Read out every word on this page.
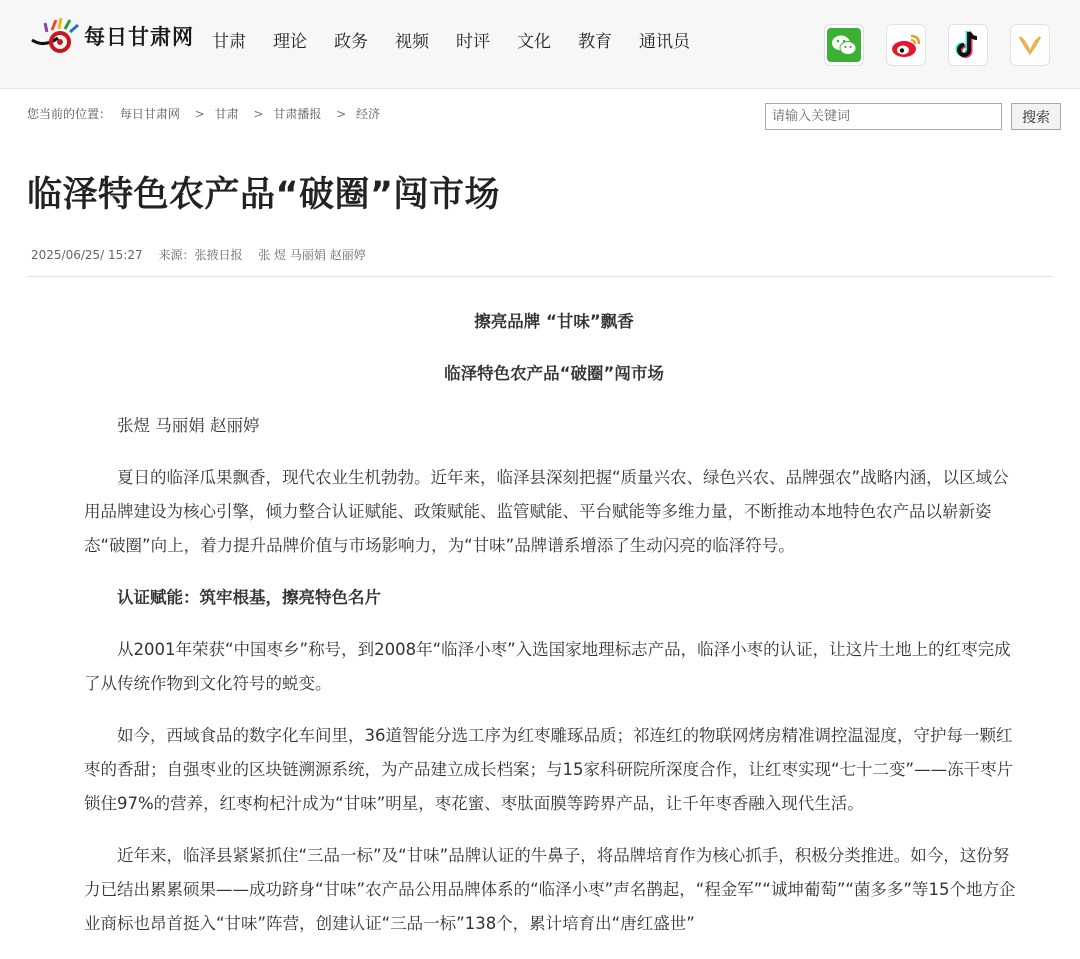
每日甘肃网 甘肃 理论 政务 视频 时评 文化 教育 通讯员
您当前的位置： 每日甘肃网 > 甘肃 > 甘肃播报 > 经济
请输入关键词	搜索
临泽特色农产品“破圈”闯市场
2025/06/25/ 15:27 来源：张掖日报 张 煜 马丽娟 赵丽婷

擦亮品牌 “甘味”飘香

临泽特色农产品“破圈”闯市场

张煜 马丽娟 赵丽婷

夏日的临泽瓜果飘香，现代农业生机勃勃。近年来，临泽县深刻把握“质量兴农、绿色兴农、品牌强农”战略内涵，以区域公用品牌建设为核心引擎，倾力整合认证赋能、政策赋能、监管赋能、平台赋能等多维力量，不断推动本地特色农产品以崭新姿态“破圈”向上，着力提升品牌价值与市场影响力，为“甘味”品牌谱系增添了生动闪亮的临泽符号。

认证赋能：筑牢根基，擦亮特色名片

从2001年荣获“中国枣乡”称号，到2008年“临泽小枣”入选国家地理标志产品，临泽小枣的认证，让这片土地上的红枣完成了从传统作物到文化符号的蜕变。

如今，西域食品的数字化车间里，36道智能分选工序为红枣雕琢品质；祁连红的物联网烤房精准调控温湿度，守护每一颗红枣的香甜；自强枣业的区块链溯源系统，为产品建立成长档案；与15家科研院所深度合作，让红枣实现“七十二变”——冻干枣片锁住97%的营养，红枣枸杞汁成为“甘味”明星，枣花蜜、枣肽面膜等跨界产品，让千年枣香融入现代生活。

近年来，临泽县紧紧抓住“三品一标”及“甘味”品牌认证的牛鼻子，将品牌培育作为核心抓手，积极分类推进。如今，这份努力已结出累累硕果——成功跻身“甘味”农产品公用品牌体系的“临泽小枣”声名鹊起，“程金军”“诚坤葡萄”“菌多多”等15个地方企业商标也昂首挺入“甘味”阵营，创建认证“三品一标”138个，累计培育出“唐红盛世”
